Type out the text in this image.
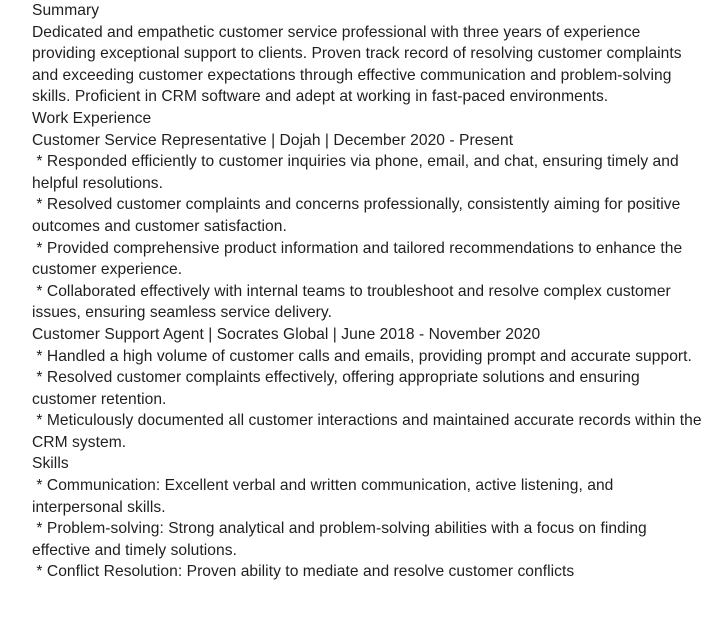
Summary

Dedicated and empathetic customer service professional with three years of experience providing exceptional support to clients. Proven track record of resolving customer complaints and exceeding customer expectations through effective communication and problem-solving skills. Proficient in CRM software and adept at working in fast-paced environments.

Work Experience

Customer Service Representative | Dojah | December 2020 - Present

* Responded efficiently to customer inquiries via phone, email, and chat, ensuring timely and helpful resolutions.

* Resolved customer complaints and concerns professionally, consistently aiming for positive outcomes and customer satisfaction.

* Provided comprehensive product information and tailored recommendations to enhance the customer experience.

* Collaborated effectively with internal teams to troubleshoot and resolve complex customer issues, ensuring seamless service delivery.

Customer Support Agent | Socrates Global | June 2018 - November 2020

* Handled a high volume of customer calls and emails, providing prompt and accurate support.

* Resolved customer complaints effectively, offering appropriate solutions and ensuring customer retention.

* Meticulously documented all customer interactions and maintained accurate records within the CRM system.

Skills

* Communication: Excellent verbal and written communication, active listening, and interpersonal skills.

* Problem-solving: Strong analytical and problem-solving abilities with a focus on finding effective and timely solutions.

* Conflict Resolution: Proven ability to mediate and resolve customer conflicts
